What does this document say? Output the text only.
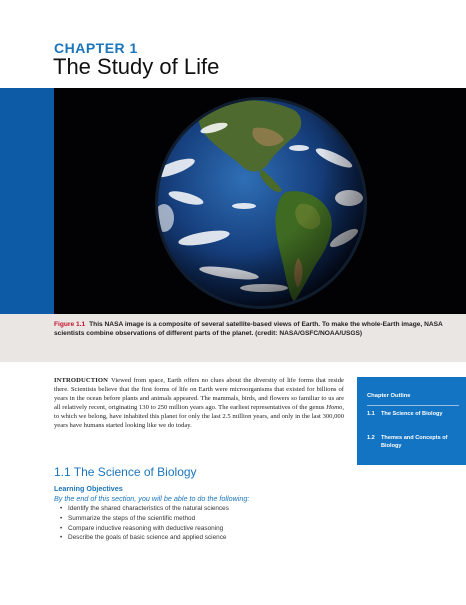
CHAPTER 1
The Study of Life
Figure 1.1 This NASA image is a composite of several satellite-based views of Earth. To make the whole-Earth image, NASA scientists combine observations of different parts of the planet. (credit: NASA/GSFC/NOAA/USGS)
INTRODUCTION Viewed from space, Earth offers no clues about the diversity of life forms that reside there. Scientists believe that the first forms of life on Earth were microorganisms that existed for billions of years in the ocean before plants and animals appeared. The mammals, birds, and flowers so familiar to us are all relatively recent, originating 130 to 250 million years ago. The earliest representatives of the genus Homo, to which we belong, have inhabited this planet for only the last 2.5 million years, and only in the last 300,000 years have humans started looking like we do today.
Chapter Outline
1.1	The Science of Biology
1.2	Themes and Concepts of Biology
1.1 The Science of Biology
Learning Objectives
By the end of this section, you will be able to do the following:
• Identify the shared characteristics of the natural sciences
• Summarize the steps of the scientific method
• Compare inductive reasoning with deductive reasoning
• Describe the goals of basic science and applied science
